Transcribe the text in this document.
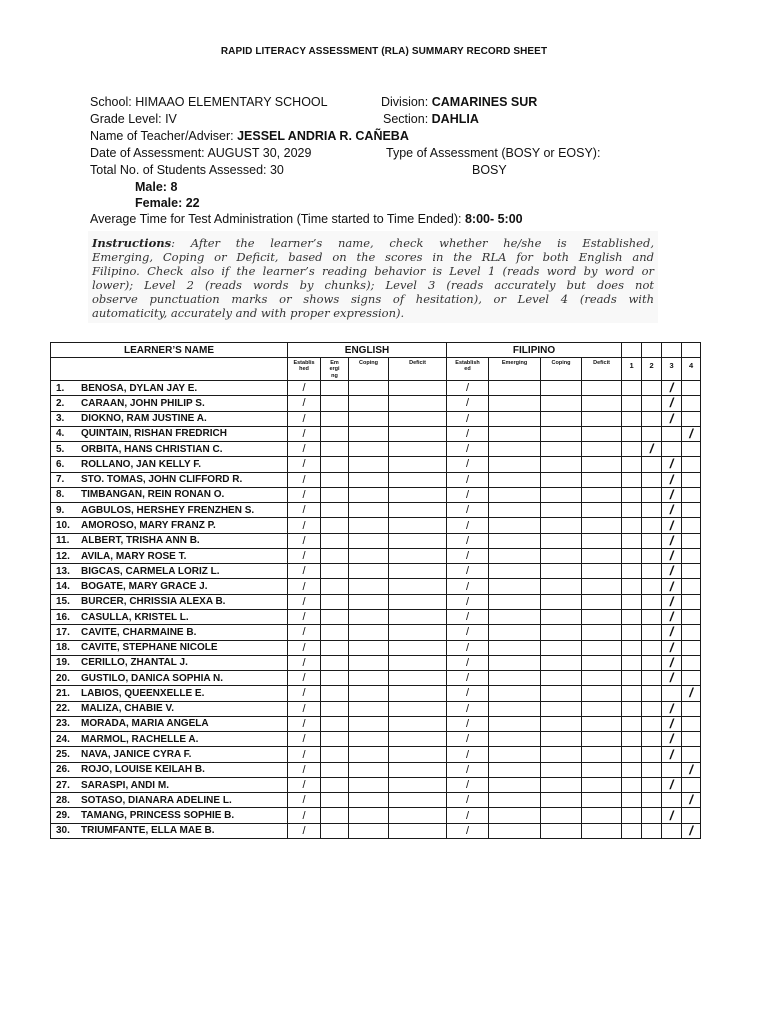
RAPID LITERACY ASSESSMENT (RLA) SUMMARY RECORD SHEET
School: HIMAAO ELEMENTARY SCHOOL	Division: CAMARINES SUR
Grade Level: IV	Section: DAHLIA
Name of Teacher/Adviser: JESSEL ANDRIA R. CAÑEBA
Date of Assessment: AUGUST 30, 2029	Type of Assessment (BOSY or EOSY):
Total No. of Students Assessed: 30	BOSY
Male: 8
Female: 22
Average Time for Test Administration (Time started to Time Ended): 8:00- 5:00
Instructions: After the learner’s name, check whether he/she is Established,
Emerging, Coping or Deficit, based on the scores in the RLA for both English and
Filipino. Check also if the learner’s reading behavior is Level 1 (reads word by word or
lower); Level 2 (reads words by chunks); Level 3 (reads accurately but does not
observe punctuation marks or shows signs of hesitation), or Level 4 (reads with
automaticity, accurately and with proper expression).
LEARNER’S NAME	ENGLISH				FILIPINO							

	Established	Emerging	Coping	Deficit	Established	Emerging	Coping	Deficit	1	2	3	4
1. BENOSA, DYLAN JAY E.	/				/						/	
2. CARAAN, JOHN PHILIP S.	/				/						/	
3. DIOKNO, RAM JUSTINE A.	/				/						/	
4. QUINTAIN, RISHAN FREDRICH	/				/							/
5. ORBITA, HANS CHRISTIAN C.	/				/					/		
6. ROLLANO, JAN KELLY F.	/				/						/	
7. STO. TOMAS, JOHN CLIFFORD R.	/				/						/	
8. TIMBANGAN, REIN RONAN O.	/				/						/	
9. AGBULOS, HERSHEY FRENZHEN S.	/				/						/	
10. AMOROSO, MARY FRANZ P.	/				/						/	
11. ALBERT, TRISHA ANN B.	/				/						/	
12. AVILA, MARY ROSE T.	/				/						/	
13. BIGCAS, CARMELA LORIZ L.	/				/						/	
14. BOGATE, MARY GRACE J.	/				/						/	
15. BURCER, CHRISSIA ALEXA B.	/				/						/	
16. CASULLA, KRISTEL L.	/				/						/	
17. CAVITE, CHARMAINE B.	/				/						/	
18. CAVITE, STEPHANE NICOLE	/				/						/	
19. CERILLO, ZHANTAL J.	/				/						/	
20. GUSTILO, DANICA SOPHIA N.	/				/						/	
21. LABIOS, QUEENXELLE E.	/				/							/
22. MALIZA, CHABIE V.	/				/						/	
23. MORADA, MARIA ANGELA	/				/						/	
24. MARMOL, RACHELLE A.	/				/						/	
25. NAVA, JANICE CYRA F.	/				/						/	
26. ROJO, LOUISE KEILAH B.	/				/							/
27. SARASPI, ANDI M.	/				/						/	
28. SOTASO, DIANARA ADELINE L.	/				/							/
29. TAMANG, PRINCESS SOPHIE B.	/				/						/	
30. TRIUMFANTE, ELLA MAE B.	/				/							/
